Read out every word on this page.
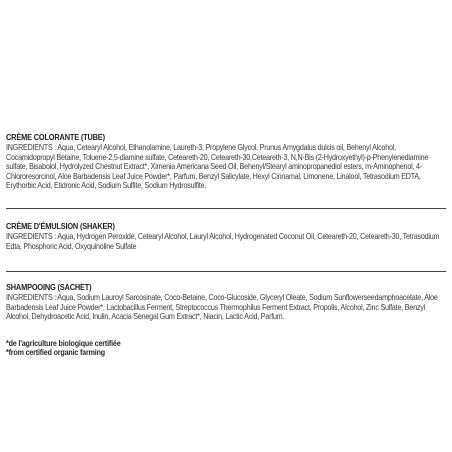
CRÈME COLORANTE (TUBE)
INGREDIENTS : Aqua, Cetearyl Alcohol, Ethanolamine, Laureth-3, Propylene Glycol, Prunus Amygdalus dulcis oil, Behenyl Alcohol, Cocamidopropyl Betaine, Toluene-2,5-diamine sulfate, Ceteareth-20, Ceteareth-30,Ceteareth-3, N,N-Bis (2-Hydroxyethyl)-p-Phenylenediamine sulfate, Bisabolol, Hydrolyzed Chestnut Extract*, Ximenia Americana Seed Oil, Behenyl/Stearyl aminopropanediol esters, m-Aminophenol, 4-Chlororesorcinol, Aloe Barbadensis Leaf Juice Powder*, Parfum, Benzyl Salicylate, Hexyl Cinnamal, Limonene, Linalool, Tetrasodium EDTA, Erythorbic Acid, Etidronic Acid, Sodium Sulfite, Sodium Hydrosulfite.
CRÈME D'ÉMULSION (SHAKER)
INGREDIENTS : Aqua, Hydrogen Peroxide, Cetearyl Alcohol, Lauryl Alcohol, Hydrogenated Coconut Oil, Ceteareth-20, Ceteareth-30, Tetrasodium Edta, Phosphoric Acid, Oxyquinoline Sulfate
SHAMPOOING (SACHET)
INGREDIENTS : Aqua, Sodium Lauroyl Sarcosinate, Coco-Betaine, Coco-Glucoside, Glyceryl Oleate, Sodium Sunflowerseedamphoacetate, Aloe Barbadensis Leaf Juice Powder*, Lactobacillus Ferment, Streptococcus Thermophilus Ferment Extract, Propolis, Alcohol, Zinc Sulfate, Benzyl Alcohol, Dehydroacetic Acid, Inulin, Acacia Senegal Gum Extract*, Niacin, Lactic Acid, Parfum.
*de l'agriculture biologique certifiée
*from certified organic farming
